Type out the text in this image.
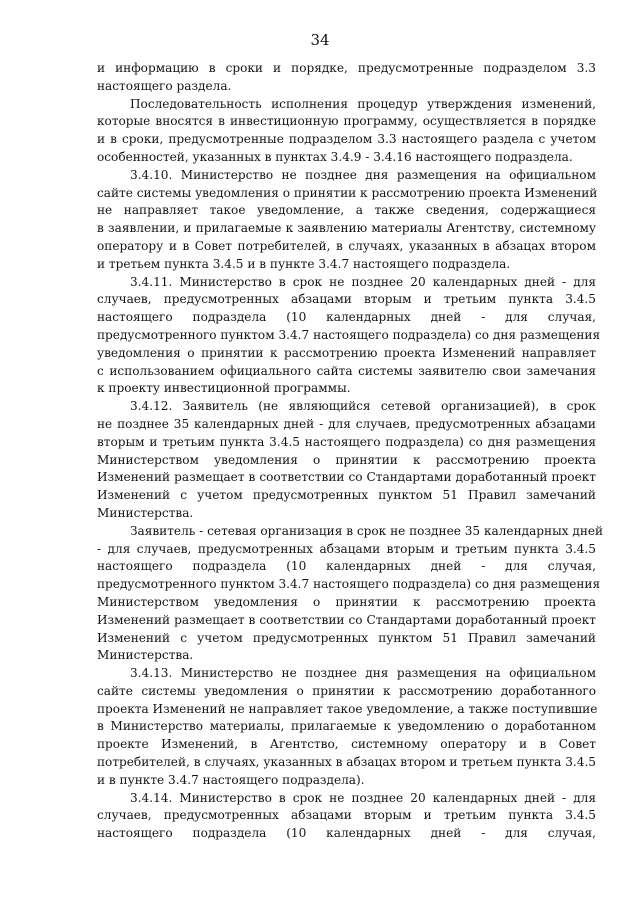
34
и информацию в сроки и порядке, предусмотренные подразделом 3.3
настоящего раздела.
Последовательность исполнения процедур утверждения изменений,
которые вносятся в инвестиционную программу, осуществляется в порядке
и в сроки, предусмотренные подразделом 3.3 настоящего раздела с учетом
особенностей, указанных в пунктах 3.4.9 - 3.4.16 настоящего подраздела.
3.4.10. Министерство не позднее дня размещения на официальном
сайте системы уведомления о принятии к рассмотрению проекта Изменений
не направляет такое уведомление, а также сведения, содержащиеся
в заявлении, и прилагаемые к заявлению материалы Агентству, системному
оператору и в Совет потребителей, в случаях, указанных в абзацах втором
и третьем пункта 3.4.5 и в пункте 3.4.7 настоящего подраздела.
3.4.11. Министерство в срок не позднее 20 календарных дней - для
случаев, предусмотренных абзацами вторым и третьим пункта 3.4.5
настоящего подраздела (10 календарных дней - для случая,
предусмотренного пунктом 3.4.7 настоящего подраздела) со дня размещения
уведомления о принятии к рассмотрению проекта Изменений направляет
с использованием официального сайта системы заявителю свои замечания
к проекту инвестиционной программы.
3.4.12. Заявитель (не являющийся сетевой организацией), в срок
не позднее 35 календарных дней - для случаев, предусмотренных абзацами
вторым и третьим пункта 3.4.5 настоящего подраздела) со дня размещения
Министерством уведомления о принятии к рассмотрению проекта
Изменений размещает в соответствии со Стандартами доработанный проект
Изменений с учетом предусмотренных пунктом 51 Правил замечаний
Министерства.
Заявитель - сетевая организация в срок не позднее 35 календарных дней
- для случаев, предусмотренных абзацами вторым и третьим пункта 3.4.5
настоящего подраздела (10 календарных дней - для случая,
предусмотренного пунктом 3.4.7 настоящего подраздела) со дня размещения
Министерством уведомления о принятии к рассмотрению проекта
Изменений размещает в соответствии со Стандартами доработанный проект
Изменений с учетом предусмотренных пунктом 51 Правил замечаний
Министерства.
3.4.13. Министерство не позднее дня размещения на официальном
сайте системы уведомления о принятии к рассмотрению доработанного
проекта Изменений не направляет такое уведомление, а также поступившие
в Министерство материалы, прилагаемые к уведомлению о доработанном
проекте Изменений, в Агентство, системному оператору и в Совет
потребителей, в случаях, указанных в абзацах втором и третьем пункта 3.4.5
и в пункте 3.4.7 настоящего подраздела).
3.4.14. Министерство в срок не позднее 20 календарных дней - для
случаев, предусмотренных абзацами вторым и третьим пункта 3.4.5
настоящего подраздела (10 календарных дней - для случая,
